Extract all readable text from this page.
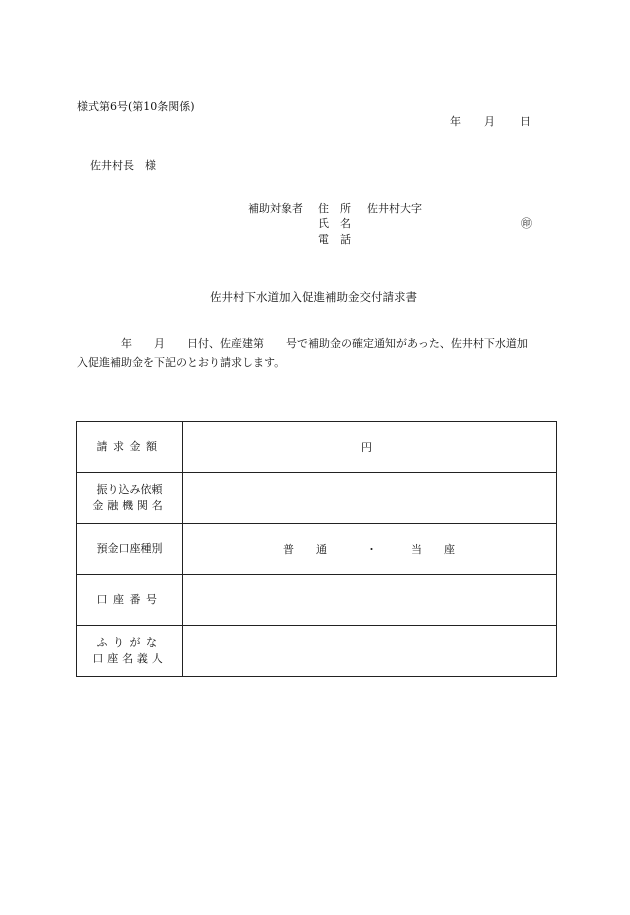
様式第6号(第10条関係)
年 月 日
佐井村長　様
補助対象者 住　所 佐井村大字
氏　名	㊞
電　話
佐井村下水道加入促進補助金交付請求書
年　　月　　日付、佐産建第　　号で補助金の確定通知があった、佐井村下水道加
入促進補助金を下記のとおり請求します。
請求金額	円

振り込み依頼
金融機関名	

預金口座種別	普　　通 ・ 当　　座

口座番号	

ふりがな
口座名義人	
